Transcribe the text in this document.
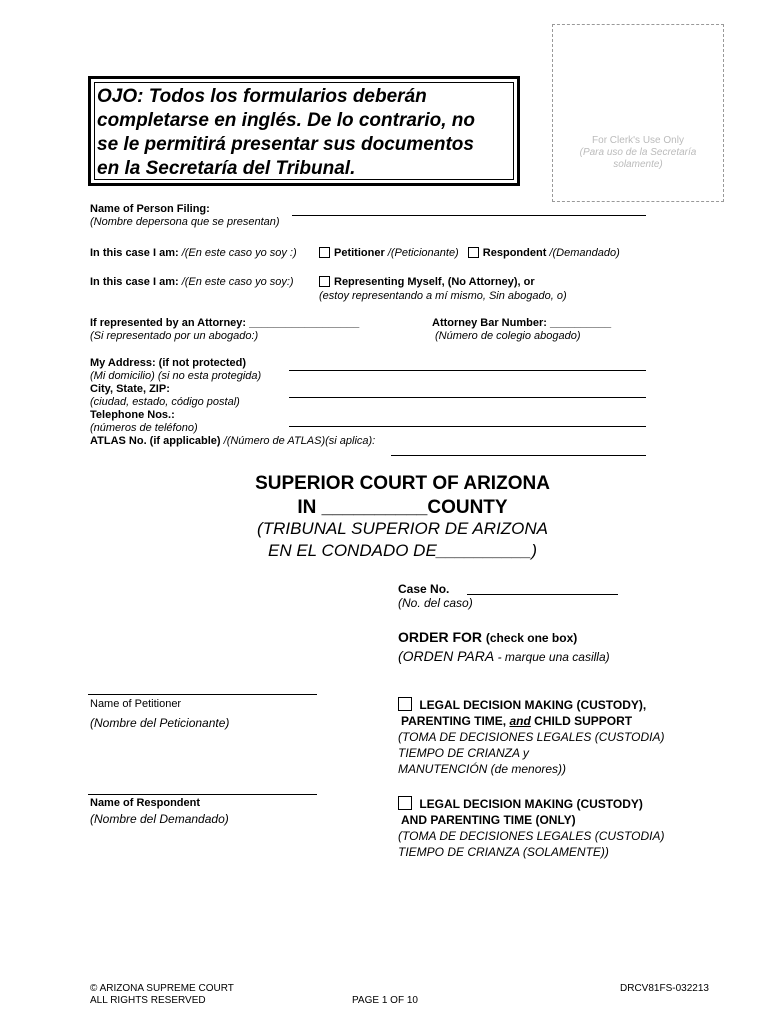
OJO: Todos los formularios deberán
completarse en inglés. De lo contrario, no
se le permitirá presentar sus documentos
en la Secretaría del Tribunal.
For Clerk's Use Only
(Para uso de la Secretaría
solamente)
Name of Person Filing:
(Nombre depersona que se presentan)
In this case I am: /(En este caso yo soy :)	Petitioner /(Peticionante) Respondent /(Demandado)
In this case I am: /(En este caso yo soy:)	Representing Myself, (No Attorney), or
(estoy representando a mí mismo, Sin abogado, o)
If represented by an Attorney: __________________
(Si representado por un abogado:)
Attorney Bar Number: __________
(Número de colegio abogado)
My Address: (if not protected)
(Mi domicilio) (si no esta protegida)
City, State, ZIP:
(ciudad, estado, código postal)
Telephone Nos.:
(números de teléfono)
ATLAS No. (if applicable) /(Número de ATLAS)(si aplica):
SUPERIOR COURT OF ARIZONA
IN __________COUNTY
(TRIBUNAL SUPERIOR DE ARIZONA
EN EL CONDADO DE__________)
Case No.
(No. del caso)
ORDER FOR (check one box)
(ORDEN PARA - marque una casilla)
Name of Petitioner
(Nombre del Peticionante)
Name of Respondent
(Nombre del Demandado)
LEGAL DECISION MAKING (CUSTODY),
PARENTING TIME, and CHILD SUPPORT
(TOMA DE DECISIONES LEGALES (CUSTODIA)
TIEMPO DE CRIANZA y
MANUTENCIÓN (de menores))
LEGAL DECISION MAKING (CUSTODY)
AND PARENTING TIME (ONLY)
(TOMA DE DECISIONES LEGALES (CUSTODIA)
TIEMPO DE CRIANZA (SOLAMENTE))
© ARIZONA SUPREME COURT
ALL RIGHTS RESERVED	PAGE 1 OF 10
DRCV81FS-032213
